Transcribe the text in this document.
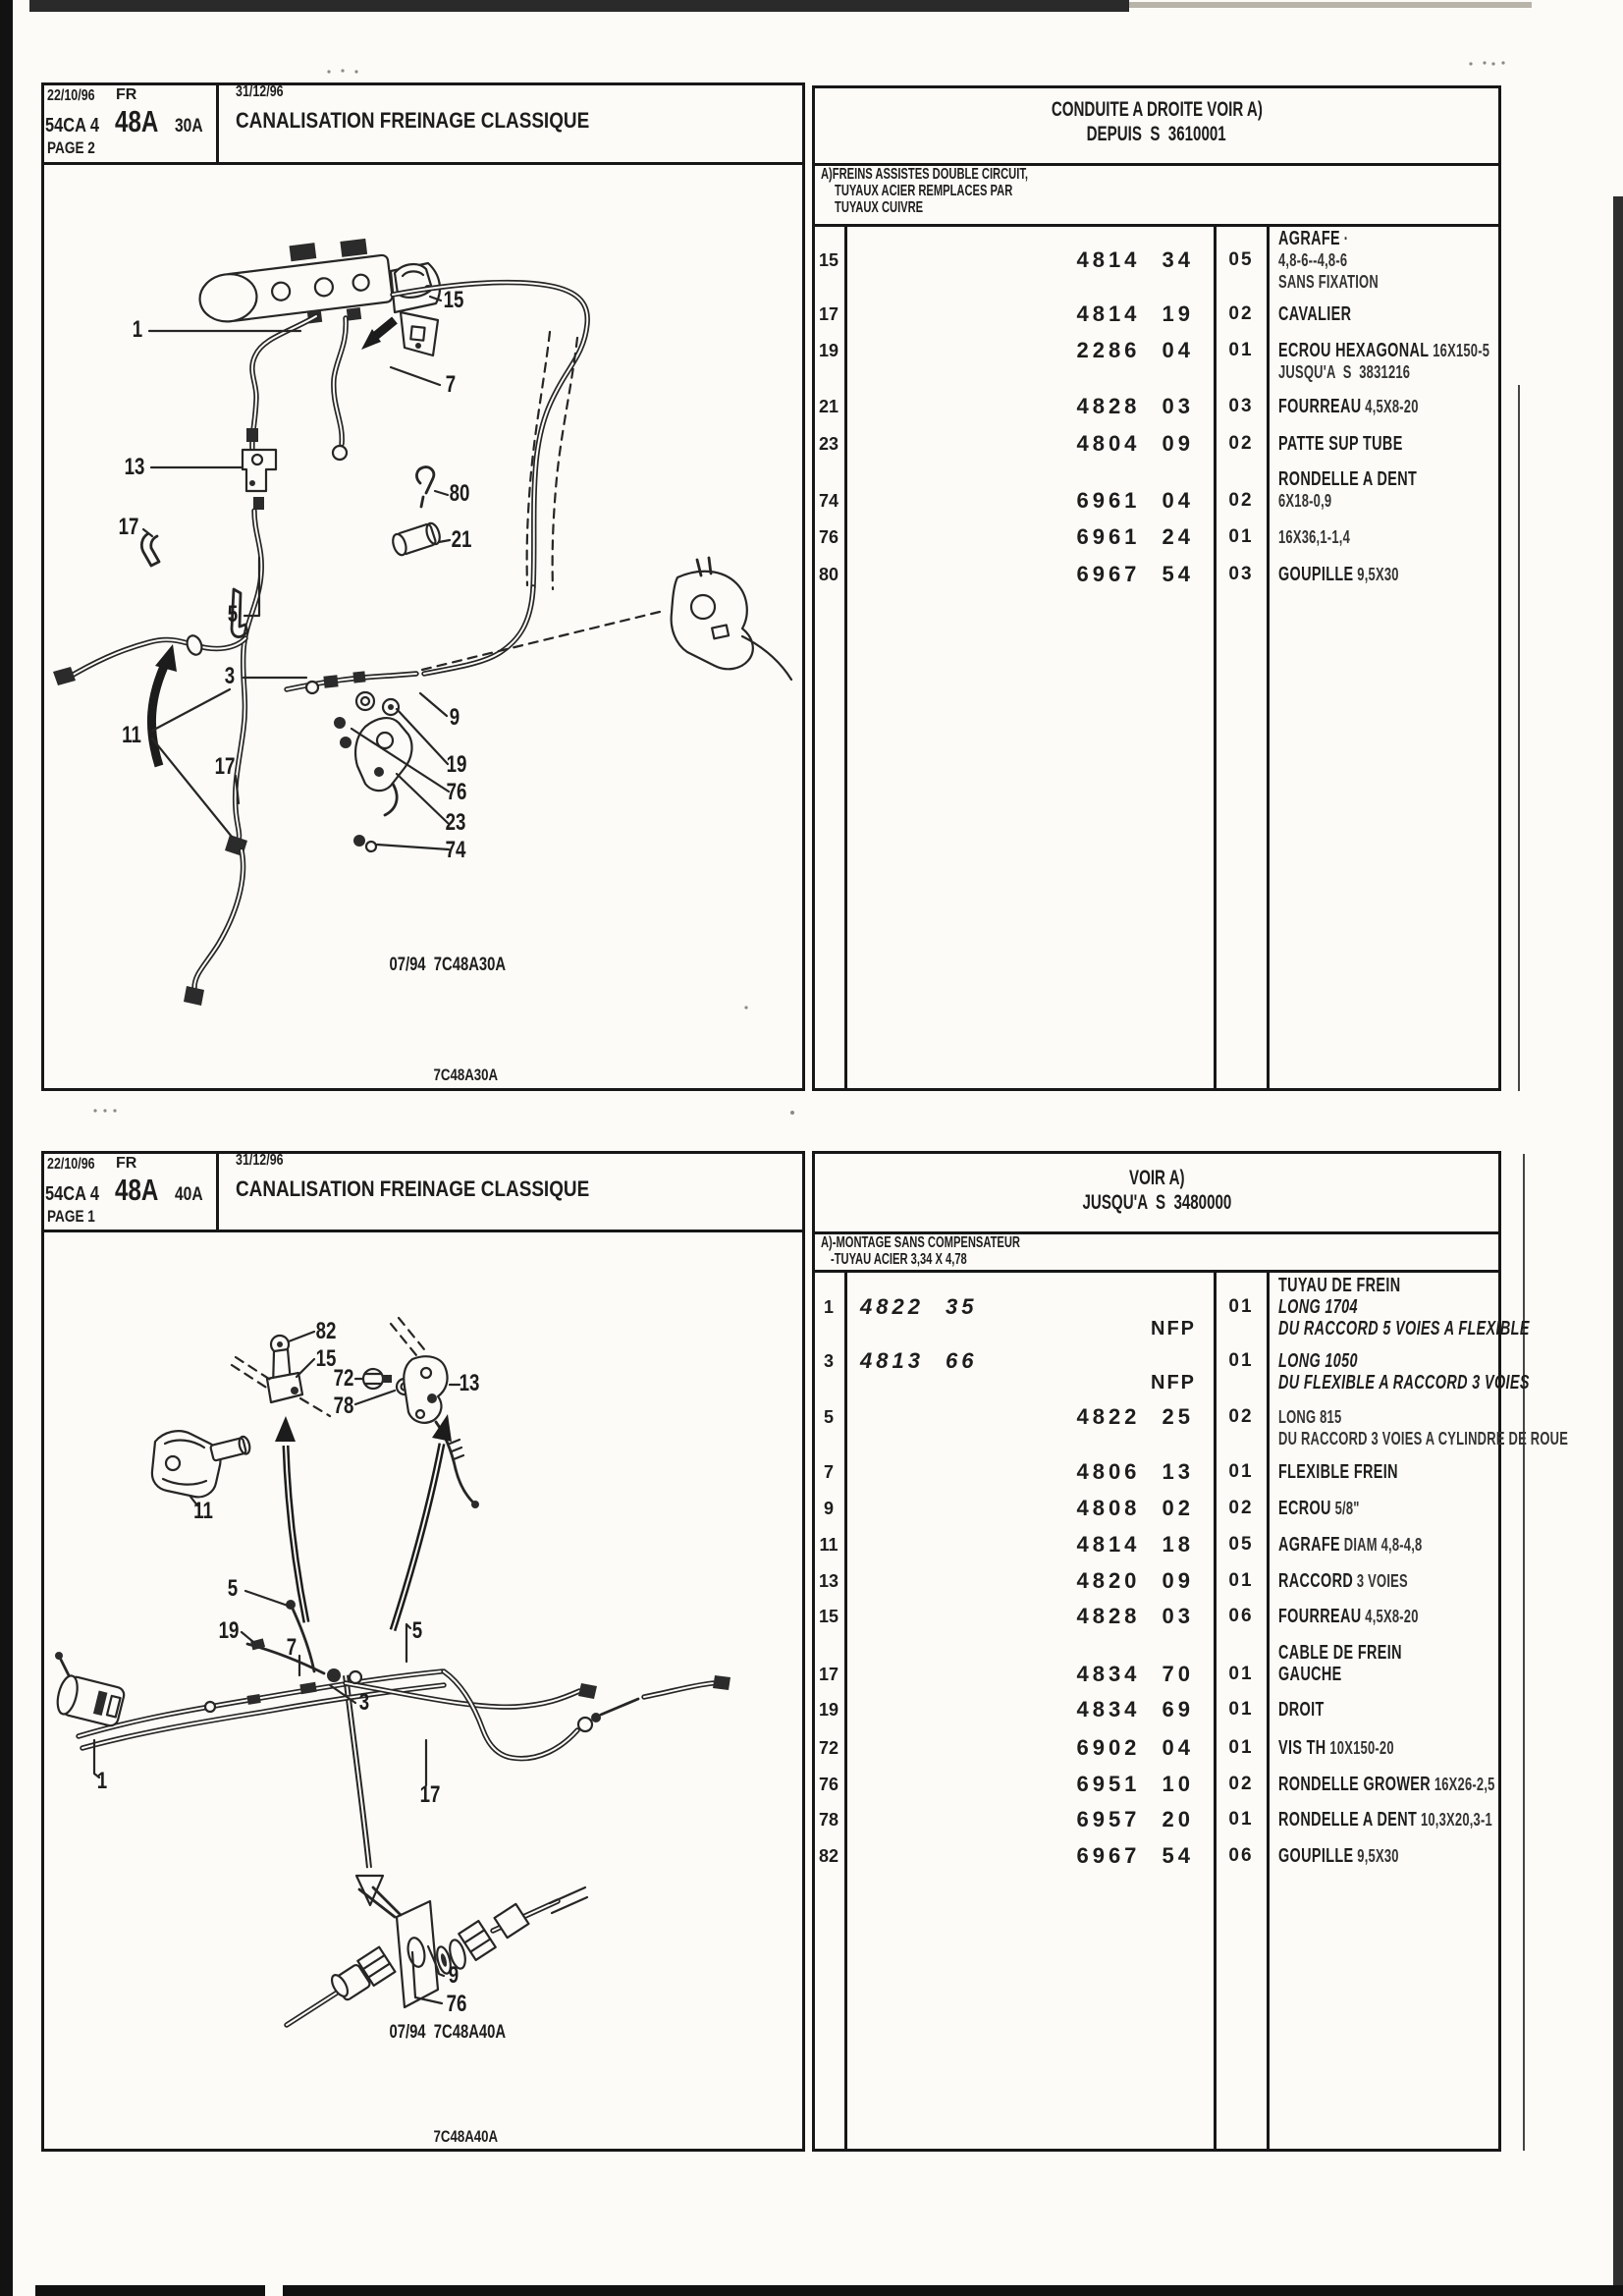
22/10/96	FR
54CA 4 48A 30A
PAGE 2
31/12/96
CANALISATION FREINAGE CLASSIQUE	CONDUITE A DROITE VOIR A)
DEPUIS  S  3610001
A)FREINS ASSISTES DOUBLE CIRCUIT,
TUYAUX ACIER REMPLACES PAR
TUYAUX CUIVRE
07/94  7C48A30A
7C48A30A
22/10/96	FR
54CA 4 48A 40A
PAGE 1
31/12/96
CANALISATION FREINAGE CLASSIQUE	VOIR A)
JUSQU'A  S  3480000
A)-MONTAGE SANS COMPENSATEUR
-TUYAU ACIER 3,34 X 4,78
07/94  7C48A40A
7C48A40A
15	4814 34	05
AGRAFE ·
4,8-6--4,8-6
SANS FIXATION
17	4814 19	02	CAVALIER
19	2286 04	01	ECROU HEXAGONAL 16X150-5
JUSQU'A  S  3831216
21	4828 03	03	FOURREAU 4,5X8-20
23	4804 09	02	PATTE SUP TUBE
74	6961 04	02
RONDELLE A DENT
6X18-0,9
76	6961 24	01	16X36,1-1,4
80	6967 54	03	GOUPILLE 9,5X30
1
15
7
13
80
21
17
5
3
11
17
9
19
76
23
74
1	4822 35
NFP
01
TUYAU DE FREIN
LONG 1704
DU RACCORD 5 VOIES A FLEXIBLE
3	4813 66
NFP
01	LONG 1050
DU FLEXIBLE A RACCORD 3 VOIES
5	4822 25	02	LONG 815
DU RACCORD 3 VOIES A CYLINDRE DE ROUE
7	4806 13	01	FLEXIBLE FREIN
9	4808 02	02	ECROU 5/8"
11	4814 18	05	AGRAFE DIAM 4,8-4,8
13	4820 09	01	RACCORD 3 VOIES
15	4828 03	06	FOURREAU 4,5X8-20
17	4834 70	01
CABLE DE FREIN
GAUCHE
19	4834 69	01	DROIT
72	6902 04	01	VIS TH 10X150-20
76	6951 10	02	RONDELLE GROWER 16X26-2,5
78	6957 20	01	RONDELLE A DENT 10,3X20,3-1
82	6967 54	06	GOUPILLE 9,5X30
82
15
72
78
13
11
5
19
7
5
3
1
17
9
76
